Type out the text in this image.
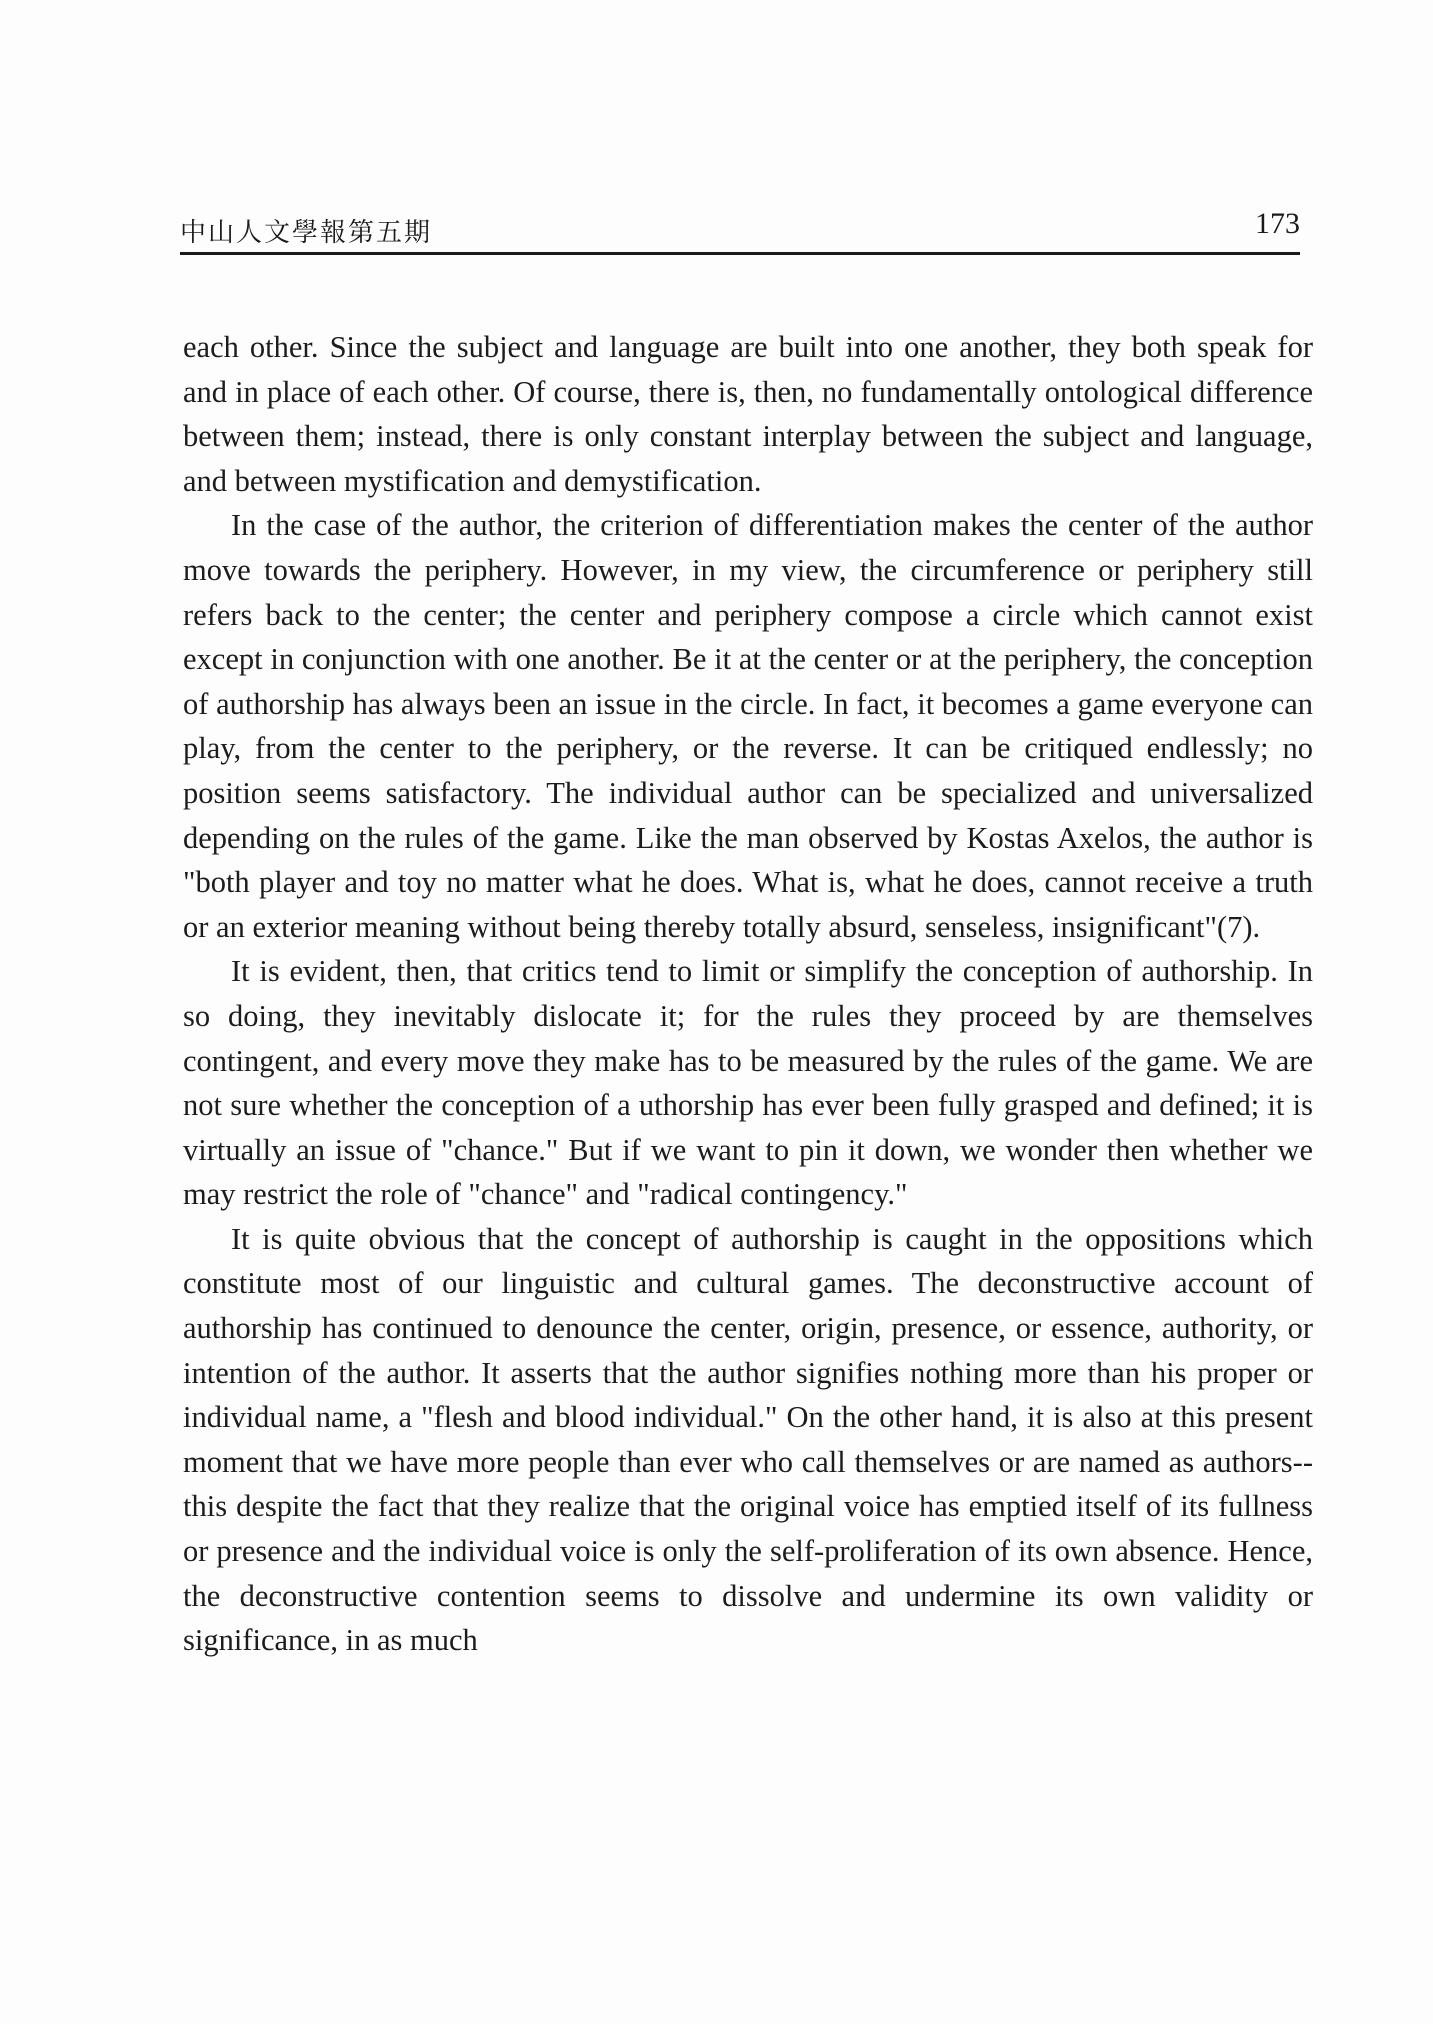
中山人文學報第五期	173

each other. Since the subject and language are built into one another, they both speak for and in place of each other. Of course, there is, then, no fundamentally ontological difference between them; instead, there is only constant interplay between the subject and language, and between mystification and demystification.

In the case of the author, the criterion of differentiation makes the center of the author move towards the periphery. However, in my view, the circumference or periphery still refers back to the center; the center and periphery compose a circle which cannot exist except in conjunction with one another. Be it at the center or at the periphery, the conception of authorship has always been an issue in the circle. In fact, it becomes a game everyone can play, from the center to the periphery, or the reverse. It can be critiqued endlessly; no position seems satisfactory. The individual author can be specialized and universalized depending on the rules of the game. Like the man observed by Kostas Axelos, the author is "both player and toy no matter what he does. What is, what he does, cannot receive a truth or an exterior meaning without being thereby totally absurd, senseless, insignificant"(7).

It is evident, then, that critics tend to limit or simplify the conception of authorship. In so doing, they inevitably dislocate it; for the rules they proceed by are themselves contingent, and every move they make has to be measured by the rules of the game. We are not sure whether the conception of a uthorship has ever been fully grasped and defined; it is virtually an issue of "chance." But if we want to pin it down, we wonder then whether we may restrict the role of "chance" and "radical contingency."

It is quite obvious that the concept of authorship is caught in the oppositions which constitute most of our linguistic and cultural games. The deconstructive account of authorship has continued to denounce the center, origin, presence, or essence, authority, or intention of the author. It asserts that the author signifies nothing more than his proper or individual name, a "flesh and blood individual." On the other hand, it is also at this present moment that we have more people than ever who call themselves or are named as authors--this despite the fact that they realize that the original voice has emptied itself of its fullness or presence and the individual voice is only the self-proliferation of its own absence. Hence, the deconstructive contention seems to dissolve and undermine its own validity or significance, in as much
